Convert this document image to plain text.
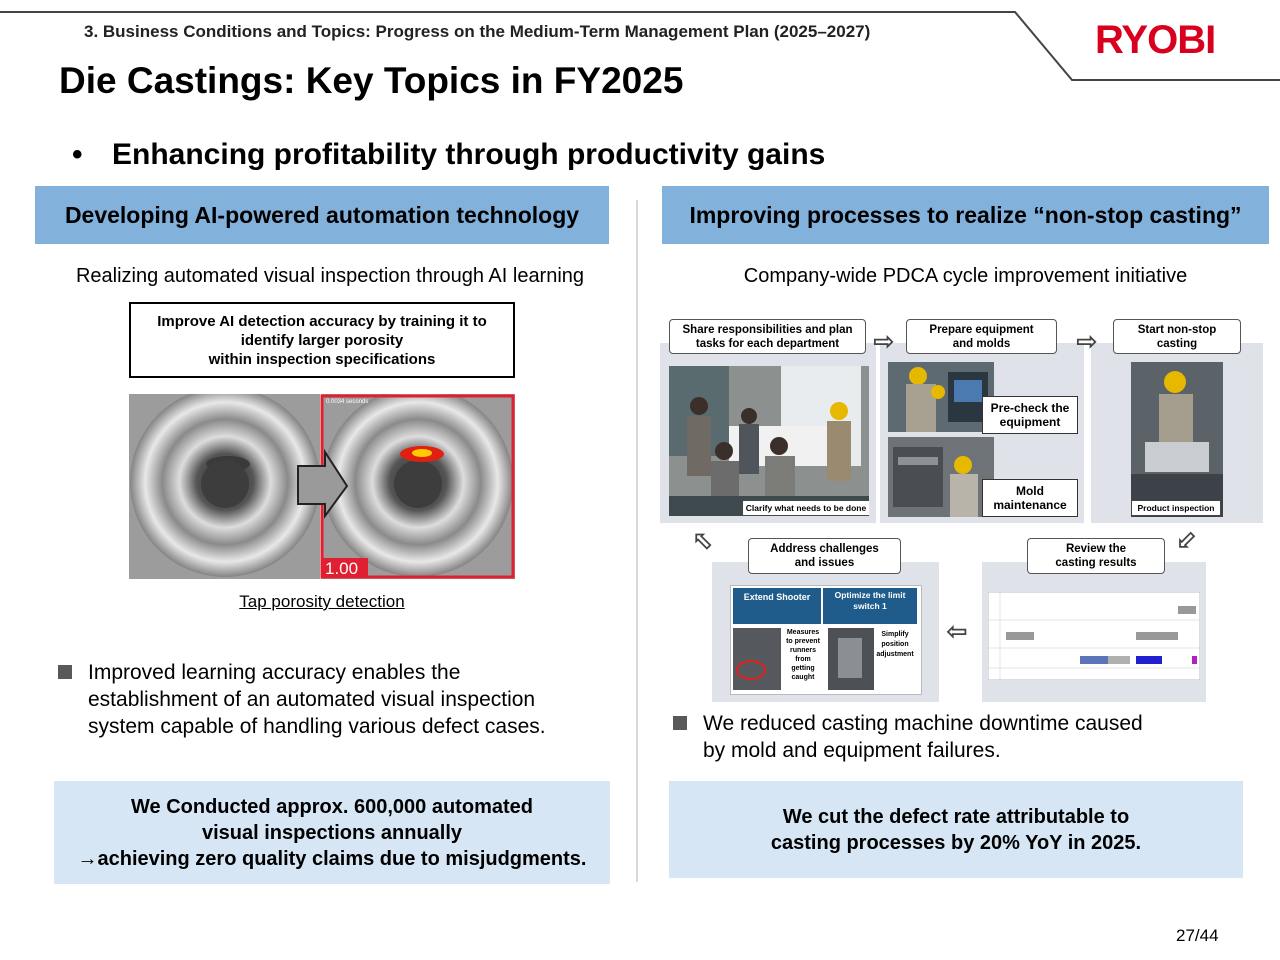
3. Business Conditions and Topics: Progress on the Medium-Term Management Plan (2025–2027)	RYOBI
Die Castings: Key Topics in FY2025
• Enhancing profitability through productivity gains
Developing AI-powered automation technology
Realizing automated visual inspection through AI learning
Improve AI detection accuracy by training it to
identify larger porosity
within inspection specifications
1.00
0.0034 seconds
Tap porosity detection
Improved learning accuracy enables the
establishment of an automated visual inspection
system capable of handling various defect cases.
We Conducted approx. 600,000 automated
visual inspections annually
→achieving zero quality claims due to misjudgments.
Improving processes to realize “non-stop casting”
Company-wide PDCA cycle improvement initiative
Clarify what needs to be done
Pre-check the
equipment
Mold
maintenance	Product inspection
Share responsibilities and plan
tasks for each department
Prepare equipment
and molds
Start non-stop
casting
⇨	⇨
⇩
⇦
⇧
Extend Shooter	Optimize the limit
switch 1
Measures
to prevent
runners
from
getting
caught
Simplify
position
adjustment
Address challenges
and issues
Review the
casting results
We reduced casting machine downtime caused
by mold and equipment failures.
We cut the defect rate attributable to
casting processes by 20% YoY in 2025.
27/44
